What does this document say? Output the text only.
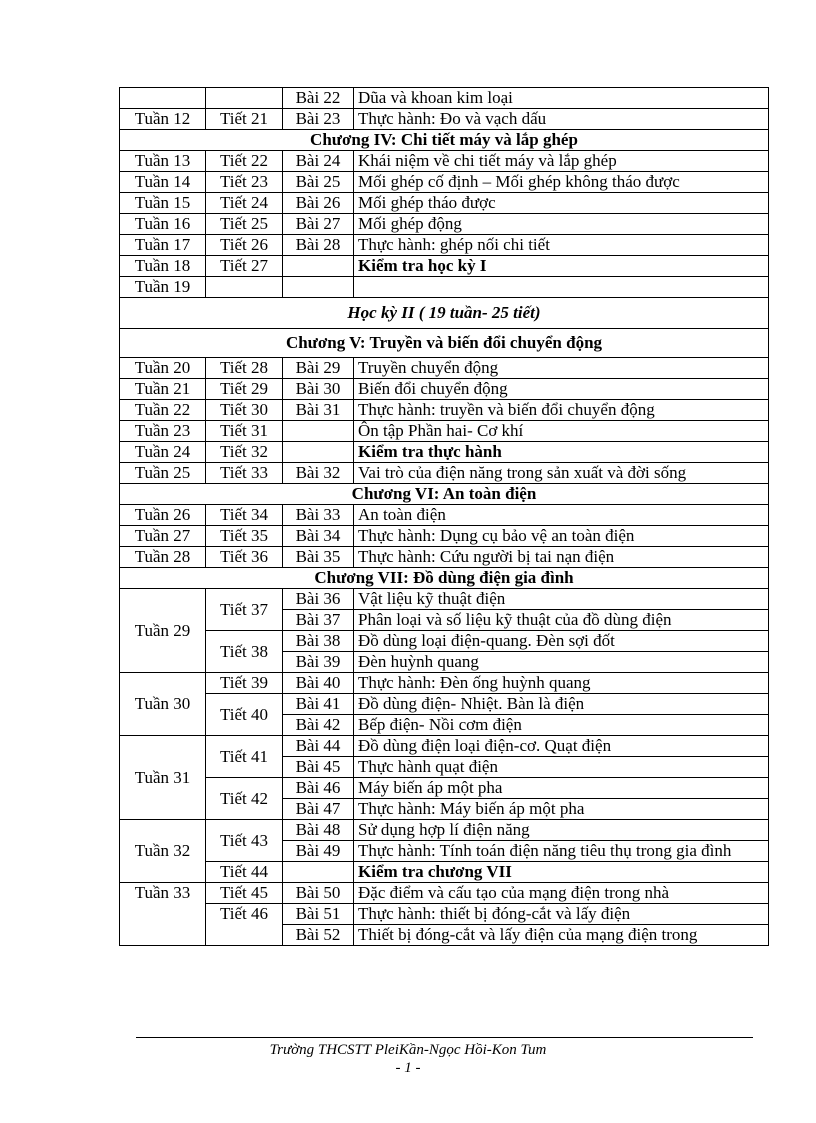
		Bài 22	Dũa và khoan kim loại
Tuần 12	Tiết 21	Bài 23	Thực hành: Đo và vạch dấu
Chương IV: Chi tiết máy và lắp ghép			
Tuần 13	Tiết 22	Bài 24	Khái niệm về chi tiết máy và lắp ghép
Tuần 14	Tiết 23	Bài 25	Mối ghép cố định – Mối ghép không tháo được
Tuần 15	Tiết 24	Bài 26	Mối ghép tháo được
Tuần 16	Tiết 25	Bài 27	Mối ghép động
Tuần 17	Tiết 26	Bài 28	Thực hành: ghép nối chi tiết
Tuần 18	Tiết 27		Kiểm tra học kỳ I
Tuần 19			
Học kỳ II ( 19 tuần- 25 tiết)			
Chương V: Truyền và biến đổi chuyển động			
Tuần 20	Tiết 28	Bài 29	Truyền chuyển động
Tuần 21	Tiết 29	Bài 30	Biến đổi chuyển động
Tuần 22	Tiết 30	Bài 31	Thực hành: truyền và biến đổi chuyển động
Tuần 23	Tiết 31		Ôn tập Phần hai- Cơ khí
Tuần 24	Tiết 32		Kiểm tra thực hành
Tuần 25	Tiết 33	Bài 32	Vai trò của điện năng trong sản xuất và đời sống
Chương VI: An toàn điện			
Tuần 26	Tiết 34	Bài 33	An toàn điện
Tuần 27	Tiết 35	Bài 34	Thực hành: Dụng cụ bảo vệ an toàn điện
Tuần 28	Tiết 36	Bài 35	Thực hành: Cứu người bị tai nạn điện
Chương VII: Đồ dùng điện gia đình			
Tuần 29	Tiết 37	Bài 36	Vật liệu kỹ thuật điện
		Bài 37	Phân loại và số liệu kỹ thuật của đồ dùng điện
	Tiết 38	Bài 38	Đồ dùng loại điện-quang. Đèn sợi đốt
		Bài 39	Đèn huỳnh quang
Tuần 30	Tiết 39	Bài 40	Thực hành: Đèn ống huỳnh quang
	Tiết 40	Bài 41	Đồ dùng điện- Nhiệt. Bàn là điện
		Bài 42	Bếp điện- Nồi cơm điện
Tuần 31	Tiết 41	Bài 44	Đồ dùng điện loại điện-cơ. Quạt điện
		Bài 45	Thực hành quạt điện
	Tiết 42	Bài 46	Máy biến áp một pha
		Bài 47	Thực hành: Máy biến áp một pha
Tuần 32	Tiết 43	Bài 48	Sử dụng hợp lí điện năng
		Bài 49	Thực hành: Tính toán điện năng tiêu thụ trong gia đình
	Tiết 44		Kiểm tra chương VII
Tuần 33	Tiết 45	Bài 50	Đặc điểm và cấu tạo của mạng điện trong nhà
	Tiết 46	Bài 51	Thực hành: thiết bị đóng-cắt và lấy điện
		Bài 52	Thiết bị đóng-cắt và lấy điện của mạng điện trong
Trường THCSTT PleiKần-Ngọc Hồi-Kon Tum
- 1 -
